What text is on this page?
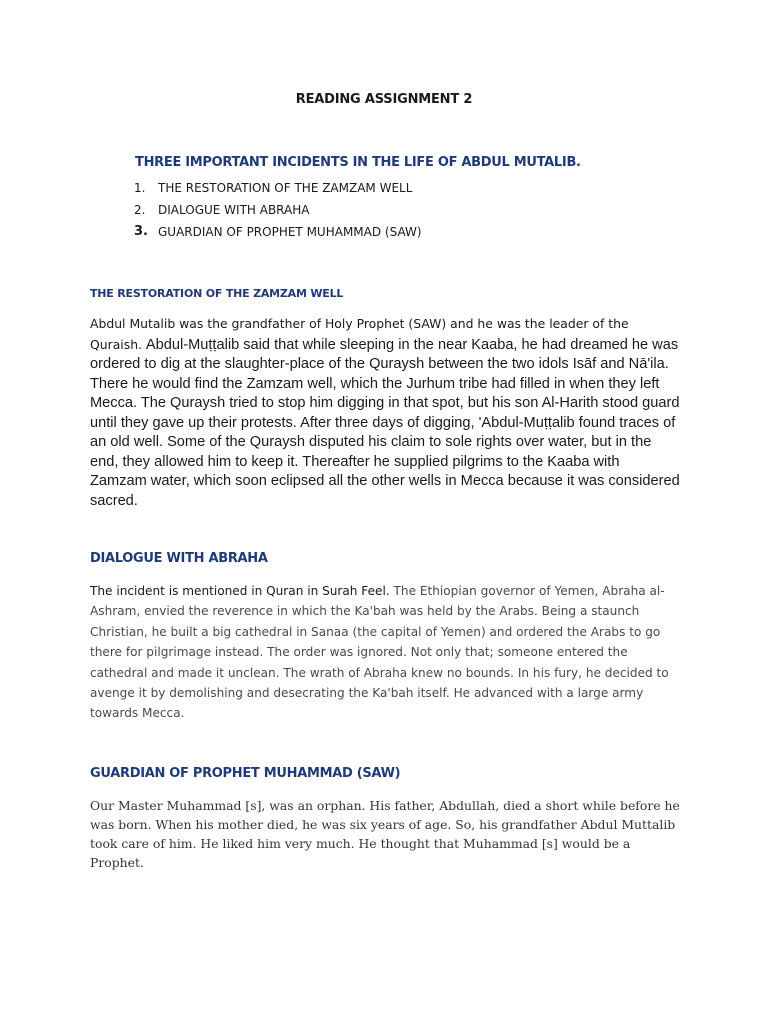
READING ASSIGNMENT 2
THREE IMPORTANT INCIDENTS IN THE LIFE OF ABDUL MUTALIB.
1.	THE RESTORATION OF THE ZAMZAM WELL
2.	DIALOGUE WITH ABRAHA
3. GUARDIAN OF PROPHET MUHAMMAD (SAW)
THE RESTORATION OF THE ZAMZAM WELL
Abdul Mutalib was the grandfather of Holy Prophet (SAW) and he was the leader of the Quraish. Abdul-Muṭṭalib said that while sleeping in the near Kaaba, he had dreamed he was ordered to dig at the slaughter-place of the Quraysh between the two idols Isāf and Nā'ila. There he would find the Zamzam well, which the Jurhum tribe had filled in when they left Mecca. The Quraysh tried to stop him digging in that spot, but his son Al-Harith stood guard until they gave up their protests. After three days of digging, 'Abdul-Muṭṭalib found traces of an old well. Some of the Quraysh disputed his claim to sole rights over water, but in the end, they allowed him to keep it. Thereafter he supplied pilgrims to the Kaaba with Zamzam water, which soon eclipsed all the other wells in Mecca because it was considered sacred.
DIALOGUE WITH ABRAHA
The incident is mentioned in Quran in Surah Feel. The Ethiopian governor of Yemen, Abraha al-Ashram, envied the reverence in which the Ka'bah was held by the Arabs. Being a staunch Christian, he built a big cathedral in Sanaa (the capital of Yemen) and ordered the Arabs to go there for pilgrimage instead. The order was ignored. Not only that; someone entered the cathedral and made it unclean. The wrath of Abraha knew no bounds. In his fury, he decided to avenge it by demolishing and desecrating the Ka'bah itself. He advanced with a large army towards Mecca.
GUARDIAN OF PROPHET MUHAMMAD (SAW)
Our Master Muhammad [s], was an orphan. His father, Abdullah, died a short while before he was born. When his mother died, he was six years of age. So, his grandfather Abdul Muttalib took care of him. He liked him very much. He thought that Muhammad [s] would be a Prophet.
